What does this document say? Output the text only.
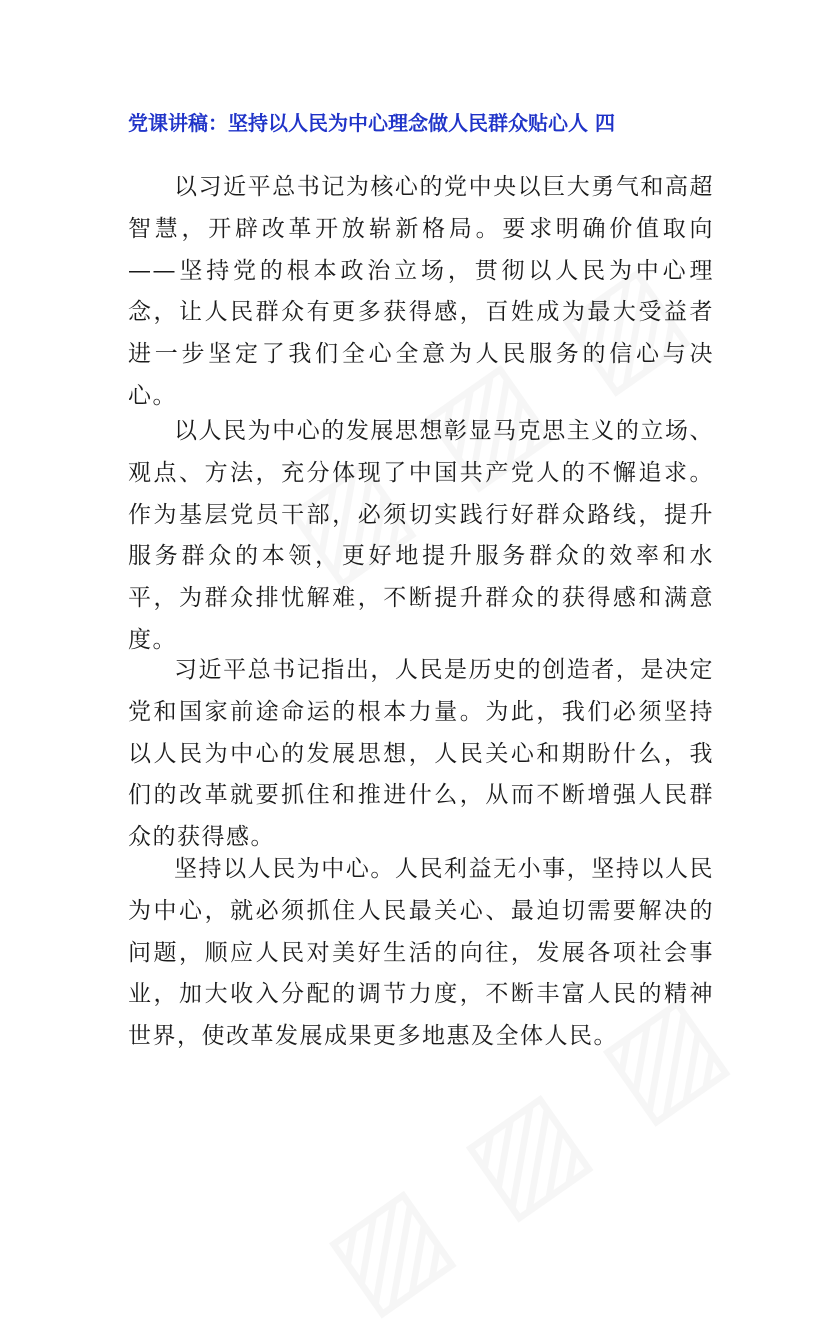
党课讲稿：坚持以人民为中心理念做人民群众贴心人 四

以习近平总书记为核心的党中央以巨大勇气和高超智慧，开辟改革开放崭新格局。要求明确价值取向——坚持党的根本政治立场，贯彻以人民为中心理念，让人民群众有更多获得感，百姓成为最大受益者进一步坚定了我们全心全意为人民服务的信心与决心。

以人民为中心的发展思想彰显马克思主义的立场、观点、方法，充分体现了中国共产党人的不懈追求。作为基层党员干部，必须切实践行好群众路线，提升服务群众的本领，更好地提升服务群众的效率和水平，为群众排忧解难，不断提升群众的获得感和满意度。

习近平总书记指出，人民是历史的创造者，是决定党和国家前途命运的根本力量。为此，我们必须坚持以人民为中心的发展思想，人民关心和期盼什么，我们的改革就要抓住和推进什么，从而不断增强人民群众的获得感。

坚持以人民为中心。人民利益无小事，坚持以人民为中心，就必须抓住人民最关心、最迫切需要解决的问题，顺应人民对美好生活的向往，发展各项社会事业，加大收入分配的调节力度，不断丰富人民的精神世界，使改革发展成果更多地惠及全体人民。
